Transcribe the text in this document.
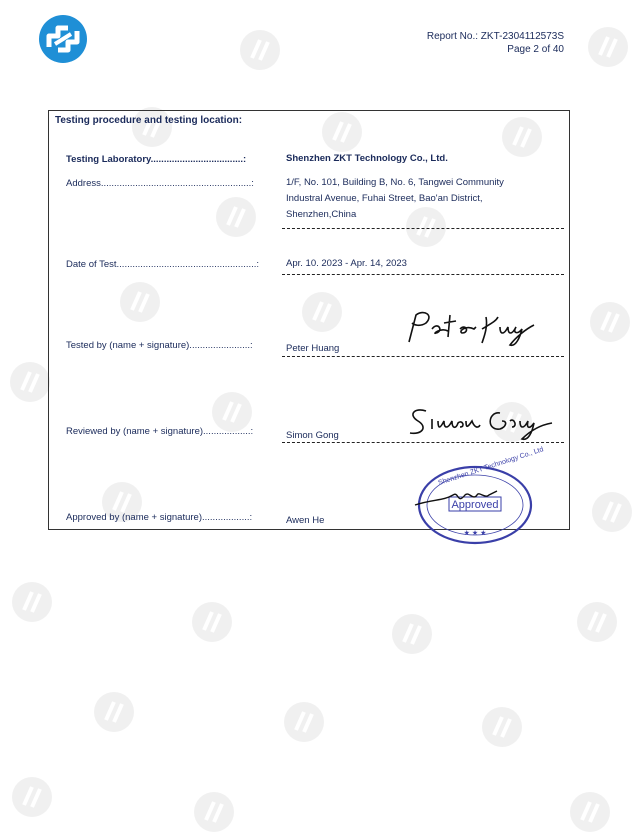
Report No.: ZKT-2304112573S
Page 2 of 40
Testing procedure and testing location:
Testing Laboratory...................................:	Shenzhen ZKT Technology Co., Ltd.
Address.........................................................:	1/F, No. 101, Building B, No. 6, Tangwei Community
Industral Avenue, Fuhai Street, Bao'an District,
Shenzhen,China
Date of Test.....................................................:	Apr. 10. 2023 - Apr. 14, 2023
Tested by (name + signature).......................:	Peter Huang
Reviewed by (name + signature)..................:	Simon Gong
Approved by (name + signature)..................:	Awen He
Approved
Shenzhen ZKT Technology Co., Ltd
★ ★ ★
